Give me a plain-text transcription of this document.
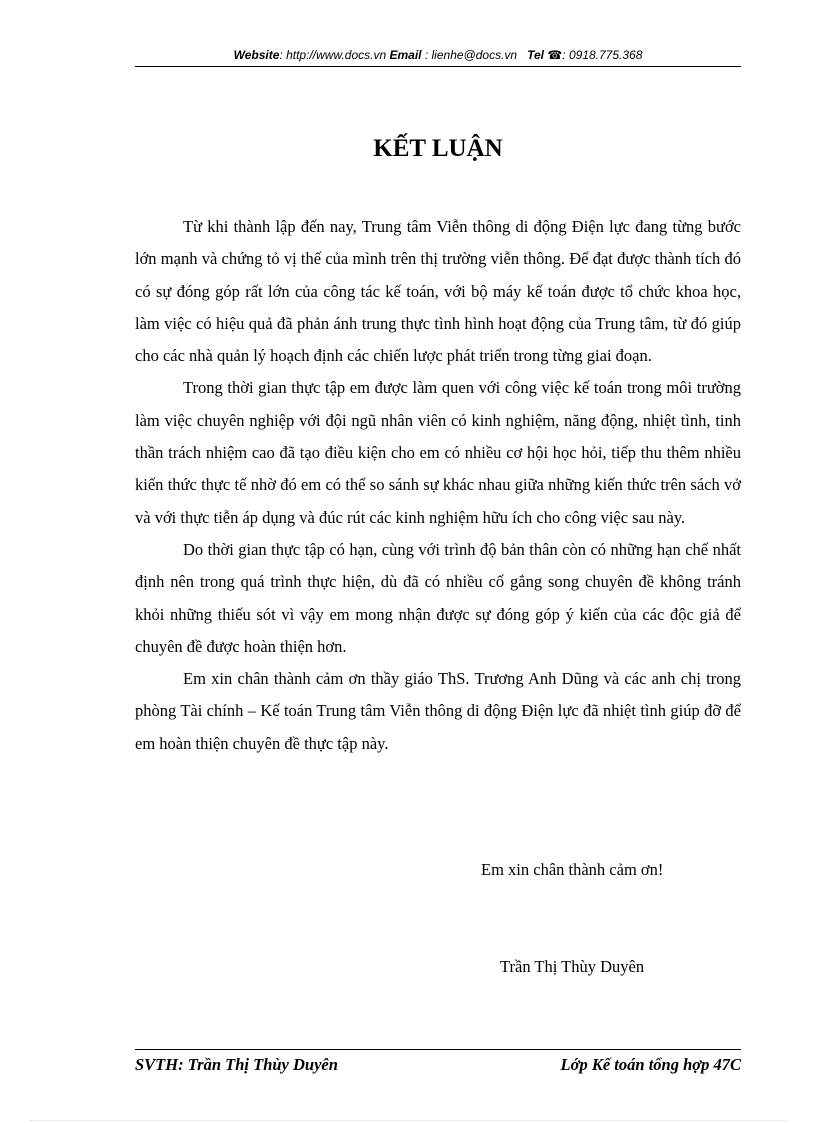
Website: http://www.docs.vn Email : lienhe@docs.vn Tel ☎: 0918.775.368
KẾT LUẬN

Từ khi thành lập đến nay, Trung tâm Viễn thông di động Điện lực đang từng bước lớn mạnh và chứng tỏ vị thế của mình trên thị trường viễn thông. Để đạt được thành tích đó có sự đóng góp rất lớn của công tác kế toán, với bộ máy kế toán được tổ chức khoa học, làm việc có hiệu quả đã phản ánh trung thực tình hình hoạt động của Trung tâm, từ đó giúp cho các nhà quản lý hoạch định các chiến lược phát triển trong từng giai đoạn.

Trong thời gian thực tập em được làm quen với công việc kế toán trong môi trường làm việc chuyên nghiệp với đội ngũ nhân viên có kinh nghiệm, năng động, nhiệt tình, tinh thần trách nhiệm cao đã tạo điều kiện cho em có nhiều cơ hội học hỏi, tiếp thu thêm nhiều kiến thức thực tế nhờ đó em có thể so sánh sự khác nhau giữa những kiến thức trên sách vở và với thực tiễn áp dụng và đúc rút các kinh nghiệm hữu ích cho công việc sau này.

Do thời gian thực tập có hạn, cùng với trình độ bản thân còn có những hạn chế nhất định nên trong quá trình thực hiện, dù đã có nhiều cố gắng song chuyên đề không tránh khỏi những thiếu sót vì vậy em mong nhận được sự đóng góp ý kiến của các độc giả để chuyên đề được hoàn thiện hơn.

Em xin chân thành cảm ơn thầy giáo ThS. Trương Anh Dũng và các anh chị trong phòng Tài chính – Kế toán Trung tâm Viễn thông di động Điện lực đã nhiệt tình giúp đỡ để em hoàn thiện chuyên đề thực tập này.

Em xin chân thành cảm ơn!
Trần Thị Thùy Duyên
SVTH: Trần Thị Thùy Duyên	Lớp Kế toán tổng hợp 47C
